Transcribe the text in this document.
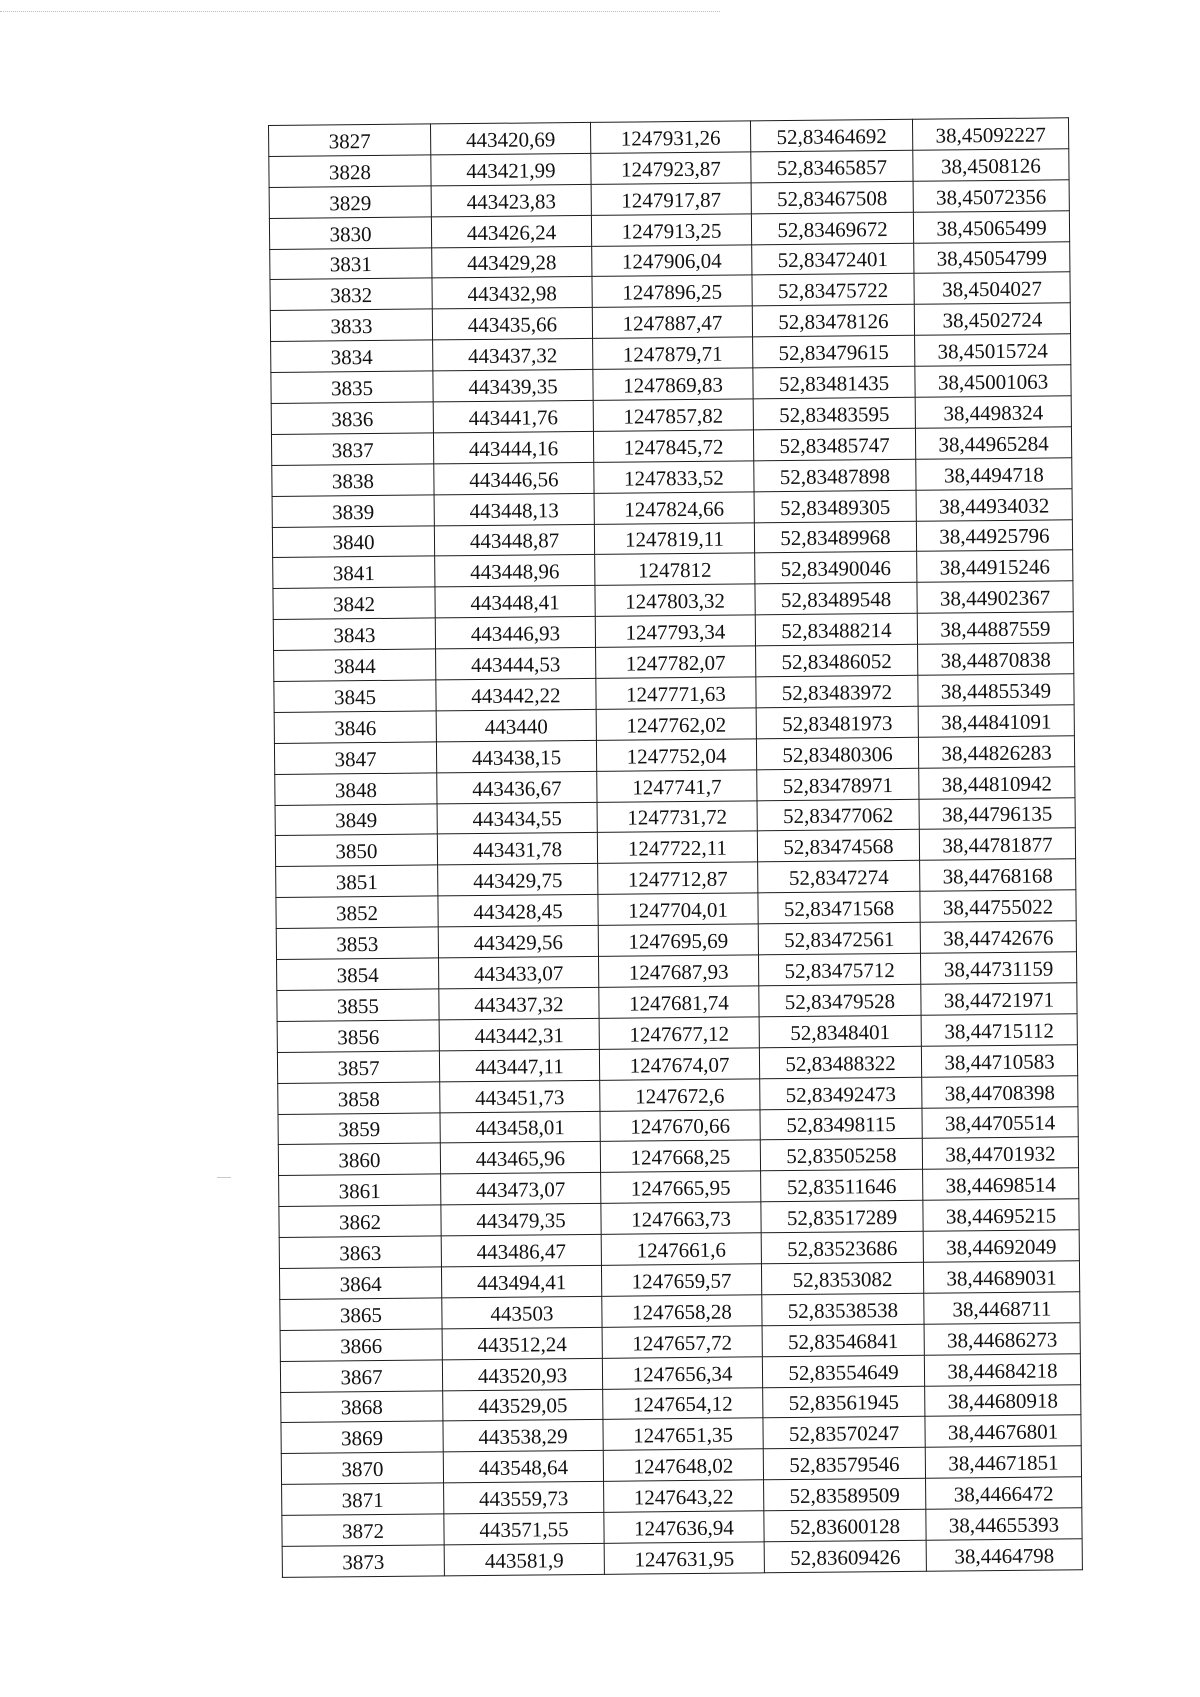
3827	443420,69	1247931,26	52,83464692	38,45092227
3828	443421,99	1247923,87	52,83465857	38,4508126
3829	443423,83	1247917,87	52,83467508	38,45072356
3830	443426,24	1247913,25	52,83469672	38,45065499
3831	443429,28	1247906,04	52,83472401	38,45054799
3832	443432,98	1247896,25	52,83475722	38,4504027
3833	443435,66	1247887,47	52,83478126	38,4502724
3834	443437,32	1247879,71	52,83479615	38,45015724
3835	443439,35	1247869,83	52,83481435	38,45001063
3836	443441,76	1247857,82	52,83483595	38,4498324
3837	443444,16	1247845,72	52,83485747	38,44965284
3838	443446,56	1247833,52	52,83487898	38,4494718
3839	443448,13	1247824,66	52,83489305	38,44934032
3840	443448,87	1247819,11	52,83489968	38,44925796
3841	443448,96	1247812	52,83490046	38,44915246
3842	443448,41	1247803,32	52,83489548	38,44902367
3843	443446,93	1247793,34	52,83488214	38,44887559
3844	443444,53	1247782,07	52,83486052	38,44870838
3845	443442,22	1247771,63	52,83483972	38,44855349
3846	443440	1247762,02	52,83481973	38,44841091
3847	443438,15	1247752,04	52,83480306	38,44826283
3848	443436,67	1247741,7	52,83478971	38,44810942
3849	443434,55	1247731,72	52,83477062	38,44796135
3850	443431,78	1247722,11	52,83474568	38,44781877
3851	443429,75	1247712,87	52,8347274	38,44768168
3852	443428,45	1247704,01	52,83471568	38,44755022
3853	443429,56	1247695,69	52,83472561	38,44742676
3854	443433,07	1247687,93	52,83475712	38,44731159
3855	443437,32	1247681,74	52,83479528	38,44721971
3856	443442,31	1247677,12	52,8348401	38,44715112
3857	443447,11	1247674,07	52,83488322	38,44710583
3858	443451,73	1247672,6	52,83492473	38,44708398
3859	443458,01	1247670,66	52,83498115	38,44705514
3860	443465,96	1247668,25	52,83505258	38,44701932
3861	443473,07	1247665,95	52,83511646	38,44698514
3862	443479,35	1247663,73	52,83517289	38,44695215
3863	443486,47	1247661,6	52,83523686	38,44692049
3864	443494,41	1247659,57	52,8353082	38,44689031
3865	443503	1247658,28	52,83538538	38,4468711
3866	443512,24	1247657,72	52,83546841	38,44686273
3867	443520,93	1247656,34	52,83554649	38,44684218
3868	443529,05	1247654,12	52,83561945	38,44680918
3869	443538,29	1247651,35	52,83570247	38,44676801
3870	443548,64	1247648,02	52,83579546	38,44671851
3871	443559,73	1247643,22	52,83589509	38,4466472
3872	443571,55	1247636,94	52,83600128	38,44655393
3873	443581,9	1247631,95	52,83609426	38,4464798
